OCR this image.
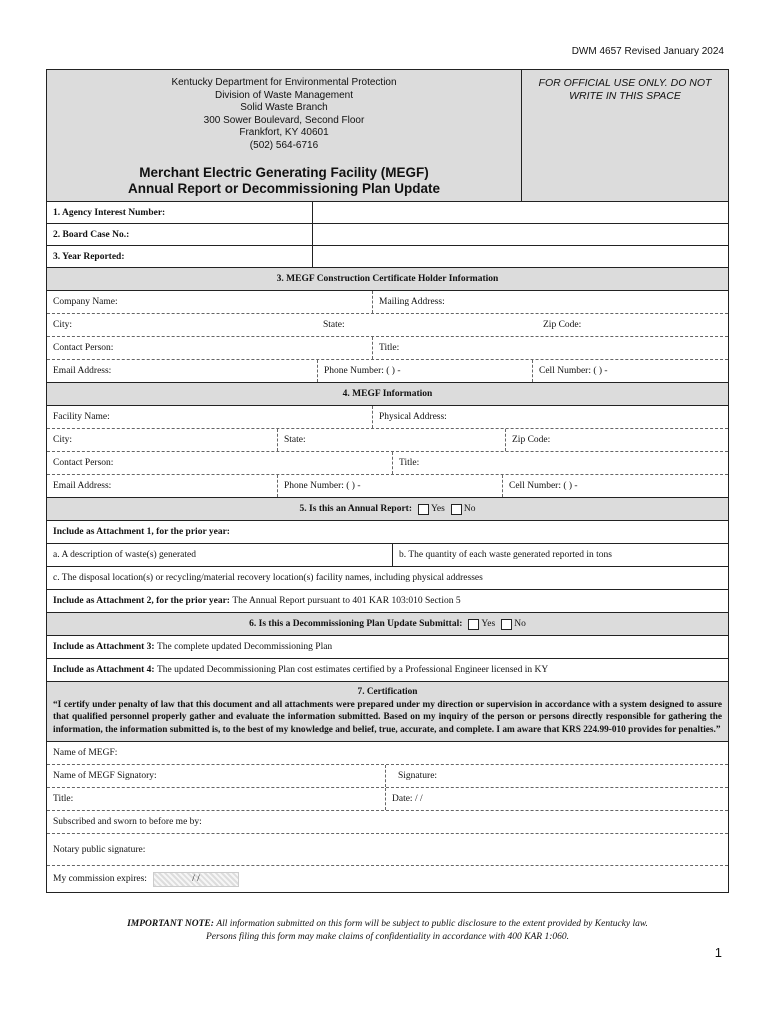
DWM 4657 Revised January 2024
Kentucky Department for Environmental Protection
Division of Waste Management
Solid Waste Branch
300 Sower Boulevard, Second Floor
Frankfort, KY 40601
(502) 564-6716
Merchant Electric Generating Facility (MEGF)
Annual Report or Decommissioning Plan Update
FOR OFFICIAL USE ONLY. DO NOT WRITE IN THIS SPACE
1. Agency Interest Number:
2. Board Case No.:
3. Year Reported:
3. MEGF Construction Certificate Holder Information
Company Name:	Mailing Address:
City:	State:	Zip Code:
Contact Person:	Title:
Email Address:	Phone Number: ( ) -	Cell Number: ( ) -
4. MEGF Information
Facility Name:	Physical Address:
City:	State:	Zip Code:
Contact Person:	Title:
Email Address:	Phone Number: ( ) -	Cell Number: ( ) -
5. Is this an Annual Report: Yes No
Include as Attachment 1, for the prior year:
a. A description of waste(s) generated	b. The quantity of each waste generated reported in tons
c. The disposal location(s) or recycling/material recovery location(s) facility names, including physical addresses
Include as Attachment 2, for the prior year:
The Annual Report pursuant to 401 KAR 103:010 Section 5
6. Is this a Decommissioning Plan Update Submittal: Yes No
Include as Attachment 3:
The complete updated Decommissioning Plan
Include as Attachment 4:
The updated Decommissioning Plan cost estimates certified by a Professional Engineer licensed in KY
7. Certification
“I certify under penalty of law that this document and all attachments were prepared under my direction or supervision in accordance with a system designed to assure that qualified personnel properly gather and evaluate the information submitted. Based on my inquiry of the person or persons directly responsible for gathering the information, the information submitted is, to the best of my knowledge and belief, true, accurate, and complete. I am aware that KRS 224.99-010 provides for penalties.”
Name of MEGF:
Name of MEGF Signatory:	Signature:
Title:	Date: / /
Subscribed and sworn to before me by:
Notary public signature:
My commission expires:	/ /
IMPORTANT NOTE: All information submitted on this form will be subject to public disclosure to the extent provided by Kentucky law.
Persons filing this form may make claims of confidentiality in accordance with 400 KAR 1:060.
1
